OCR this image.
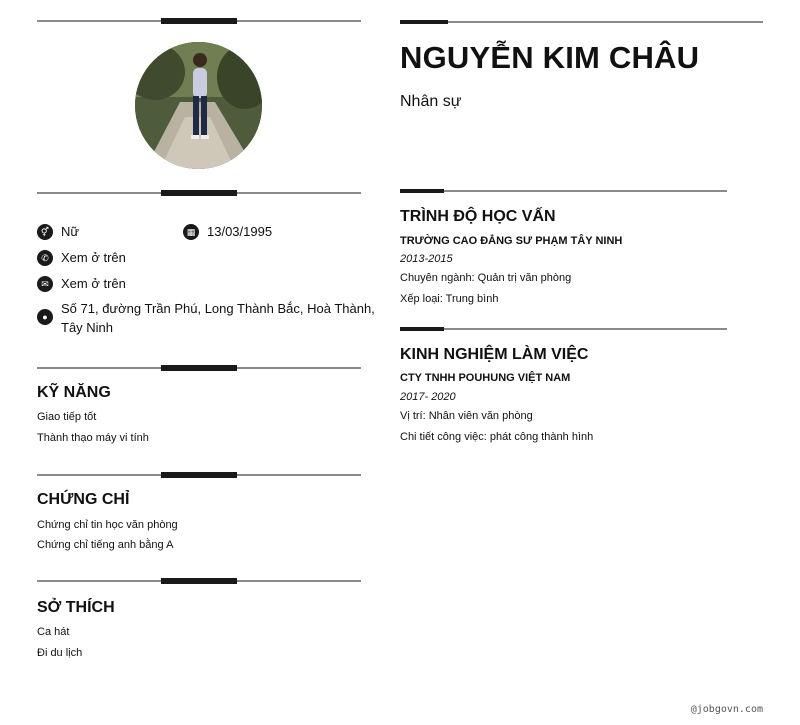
⚥ Nữ	▦ 13/03/1995
✆ Xem ở trên
✉ Xem ở trên
●
Số 71, đường Trần Phú, Long Thành Bắc, Hoà Thành,
Tây Ninh
KỸ NĂNG
Giao tiếp tốt
Thành thạo máy vi tính
CHỨNG CHỈ
Chứng chỉ tin học văn phòng
Chứng chỉ tiếng anh bằng A
SỞ THÍCH
Ca hát
Đi du lịch
NGUYỄN KIM CHÂU
Nhân sự
TRÌNH ĐỘ HỌC VẤN
TRƯỜNG CAO ĐẲNG SƯ PHẠM TÂY NINH
2013-2015
Chuyên ngành: Quản trị văn phòng
Xếp loại: Trung bình
KINH NGHIỆM LÀM VIỆC
CTY TNHH POUHUNG VIỆT NAM
2017- 2020
Vị trí: Nhân viên văn phòng
Chi tiết công việc: phát công thành hình
@jobgovn.com
